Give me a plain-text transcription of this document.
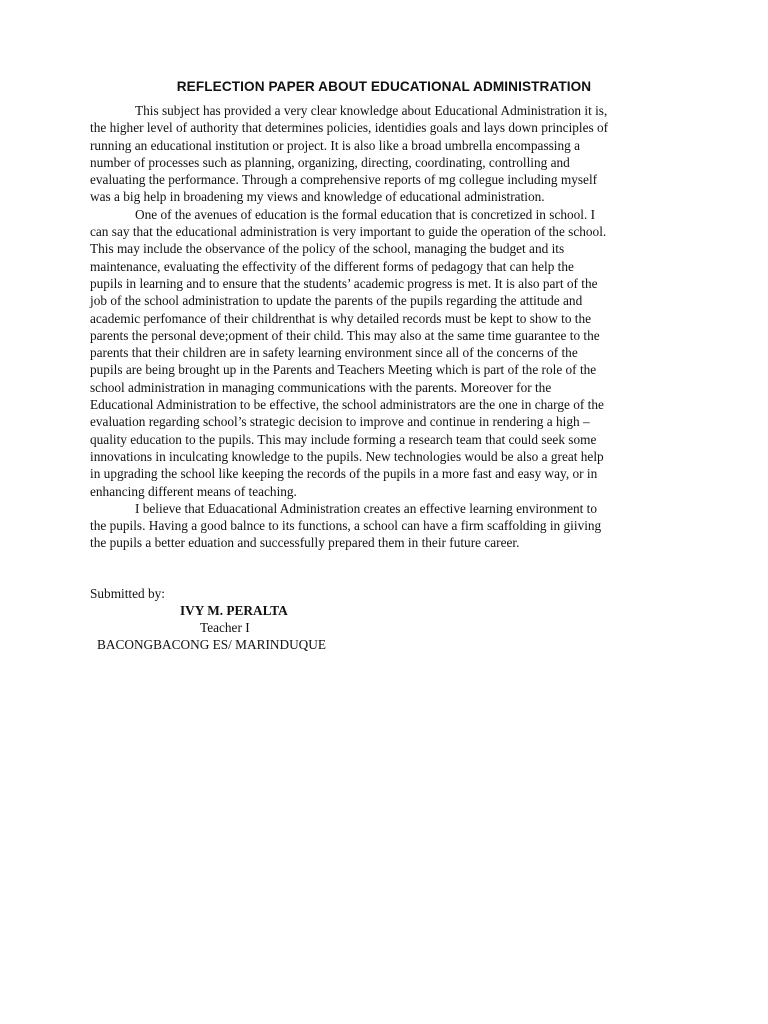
REFLECTION PAPER ABOUT EDUCATIONAL ADMINISTRATION
This subject has provided a very clear knowledge about Educational Administration it is,
the higher level of authority that determines policies, identidies goals and lays down principles of
running an educational institution or project. It is also like a broad umbrella encompassing a
number of processes such as planning, organizing, directing, coordinating, controlling and
evaluating the performance. Through a comprehensive reports of mg collegue including myself
was a big help in broadening my views and knowledge of educational administration.
One of the avenues of education is the formal education that is concretized in school. I
can say that the educational administration is very important to guide the operation of the school.
This may include the observance of the policy of the school, managing the budget and its
maintenance, evaluating the effectivity of the different forms of pedagogy that can help the
pupils in learning and to ensure that the students’ academic progress is met. It is also part of the
job of the school administration to update the parents of the pupils regarding the attitude and
academic perfomance of their childrenthat is why detailed records must be kept to show to the
parents the personal deve;opment of their child. This may also at the same time guarantee to the
parents that their children are in safety learning environment since all of the concerns of the
pupils are being brought up in the Parents and Teachers Meeting which is part of the role of the
school administration in managing communications with the parents. Moreover for the
Educational Administration to be effective, the school administrators are the one in charge of the
evaluation regarding school’s strategic decision to improve and continue in rendering a high –
quality education to the pupils. This may include forming a research team that could seek some
innovations in inculcating knowledge to the pupils. New technologies would be also a great help
in upgrading the school like keeping the records of the pupils in a more fast and easy way, or in
enhancing different means of teaching.
I believe that Eduacational Administration creates an effective learning environment to
the pupils. Having a good balnce to its functions, a school can have a firm scaffolding in giiving
the pupils a better eduation and successfully prepared them in their future career.
Submitted by:
IVY M. PERALTA
Teacher I
BACONGBACONG ES/ MARINDUQUE
